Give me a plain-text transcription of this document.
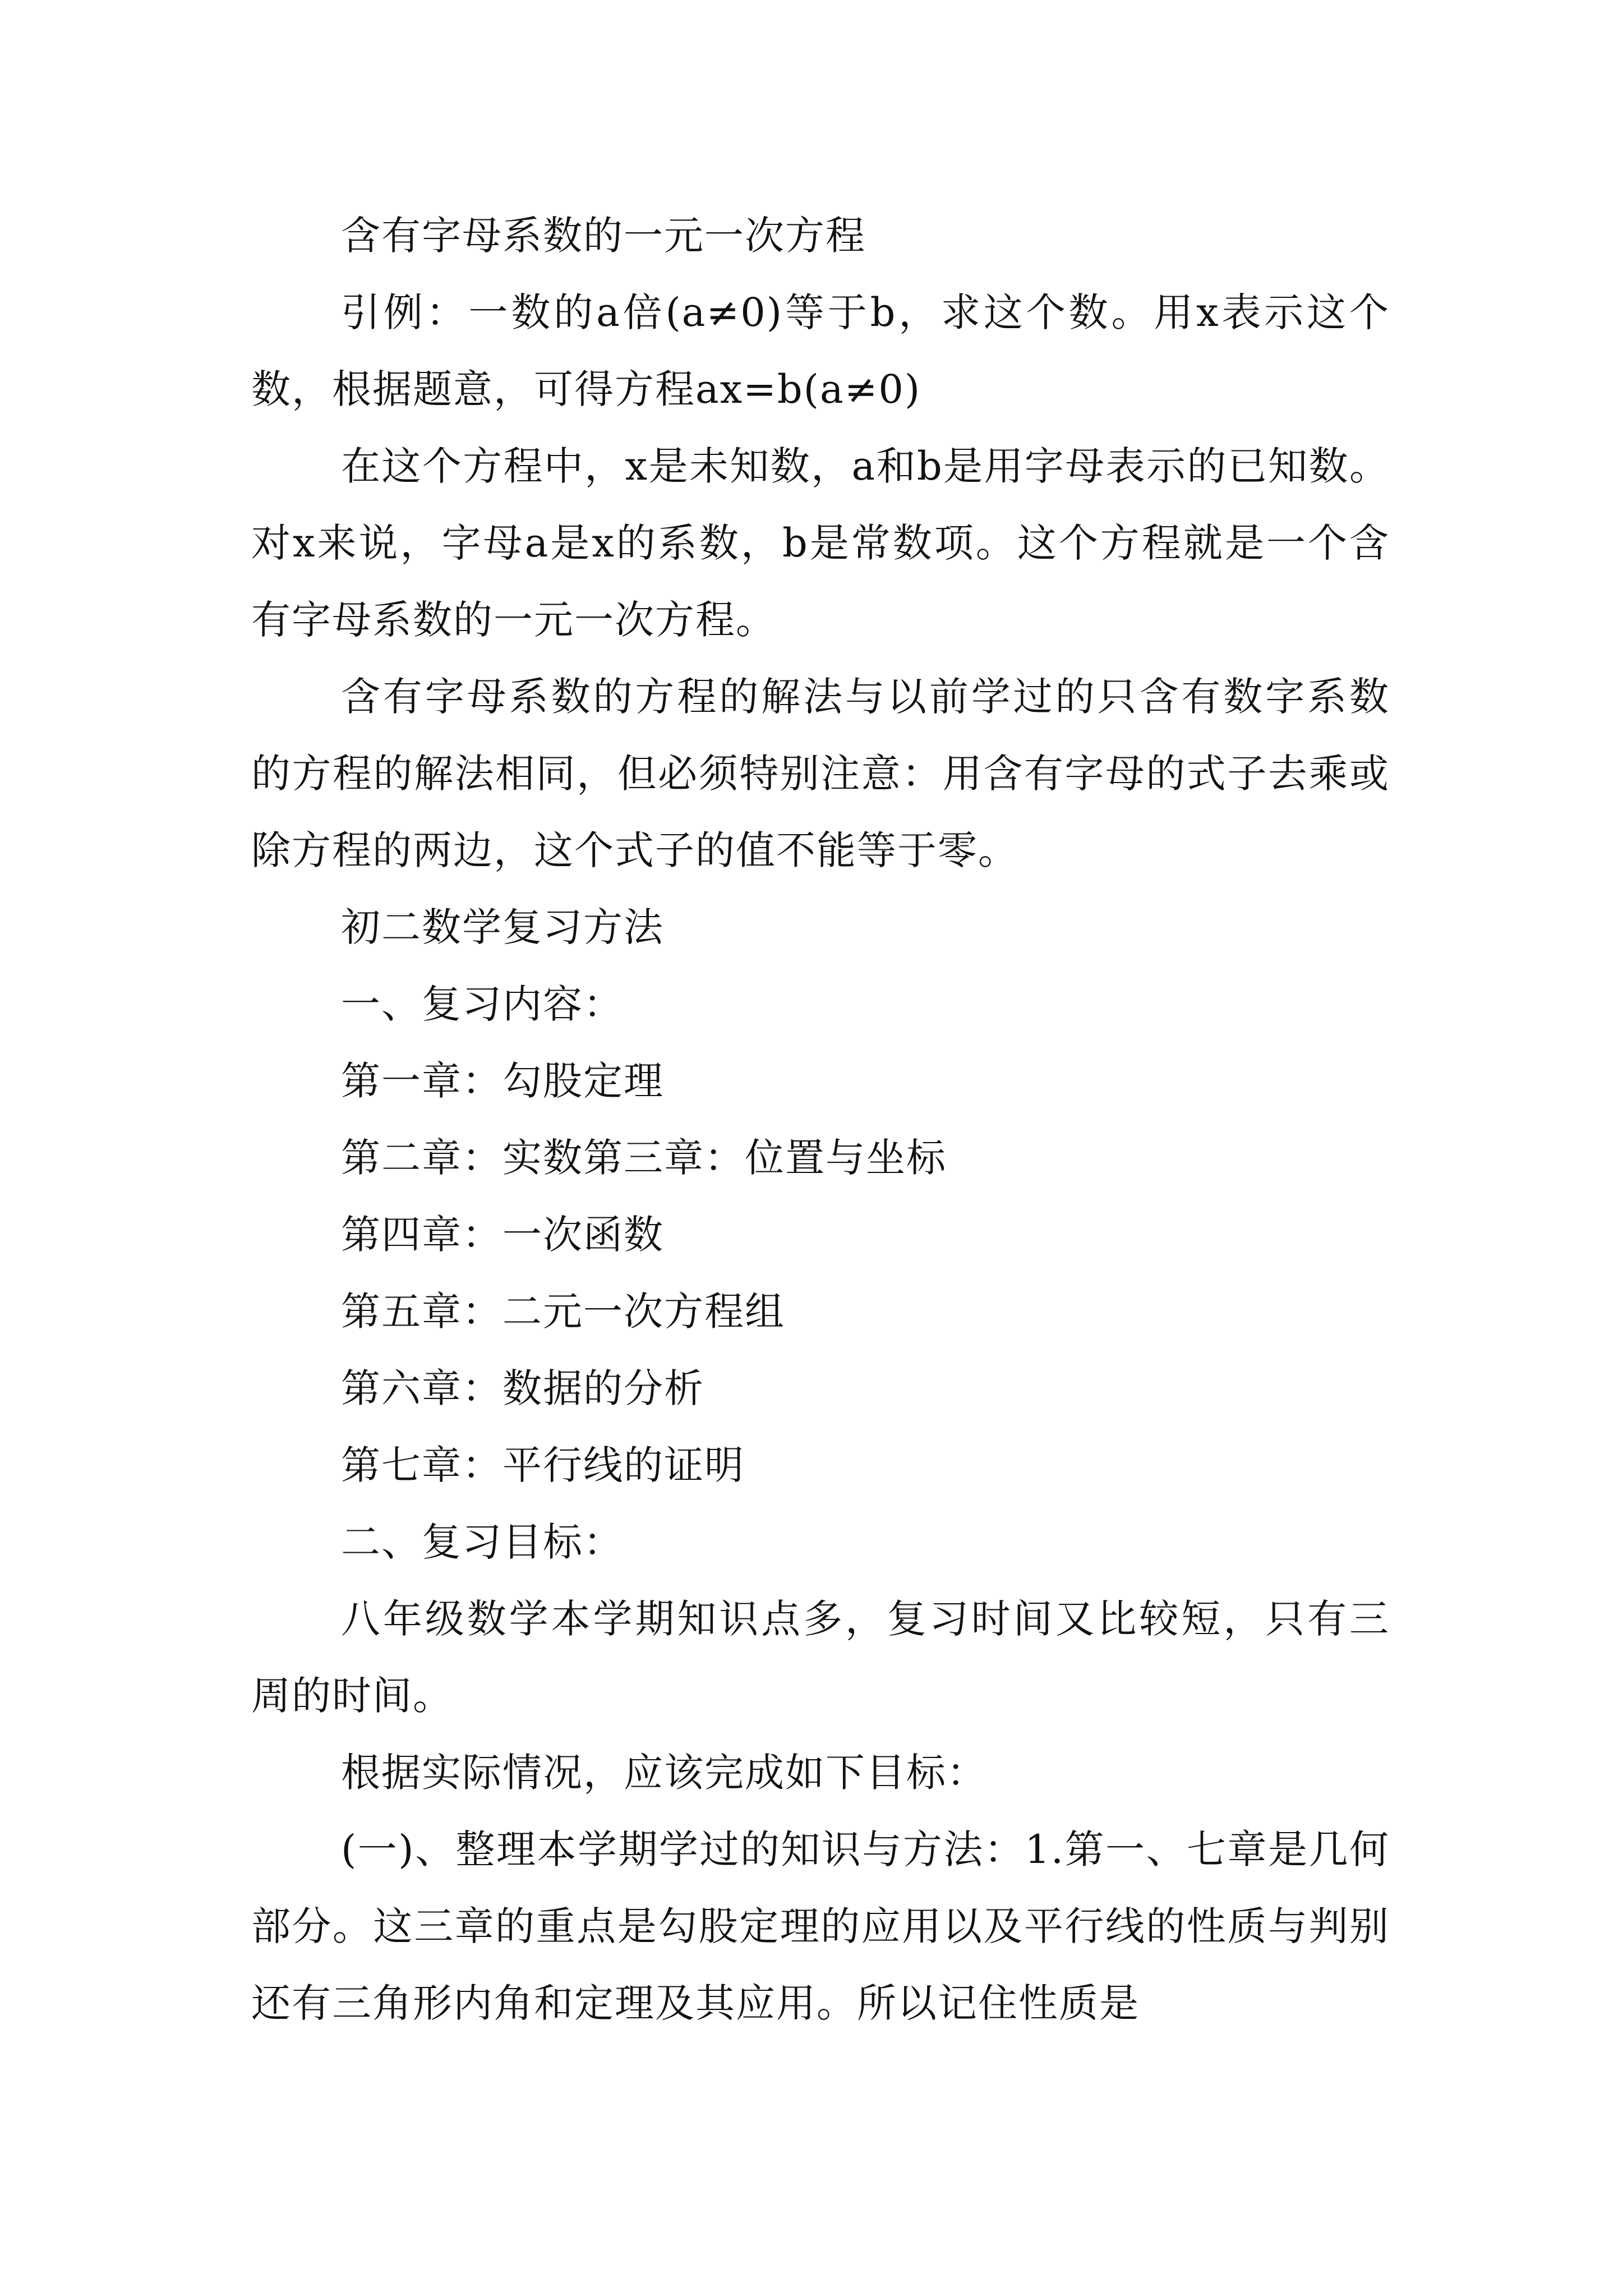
含有字母系数的一元一次方程

引例：一数的a倍(a≠0)等于b，求这个数。用x表示这个数，根据题意，可得方程ax=b(a≠0)

在这个方程中，x是未知数，a和b是用字母表示的已知数。对x来说，字母a是x的系数，b是常数项。这个方程就是一个含有字母系数的一元一次方程。

含有字母系数的方程的解法与以前学过的只含有数字系数的方程的解法相同，但必须特别注意：用含有字母的式子去乘或除方程的两边，这个式子的值不能等于零。

初二数学复习方法

一、复习内容：

第一章：勾股定理

第二章：实数第三章：位置与坐标

第四章：一次函数

第五章：二元一次方程组

第六章：数据的分析

第七章：平行线的证明

二、复习目标：

八年级数学本学期知识点多，复习时间又比较短，只有三周的时间。

根据实际情况，应该完成如下目标：

(一)、整理本学期学过的知识与方法：1.第一、七章是几何部分。这三章的重点是勾股定理的应用以及平行线的性质与判别还有三角形内角和定理及其应用。所以记住性质是
